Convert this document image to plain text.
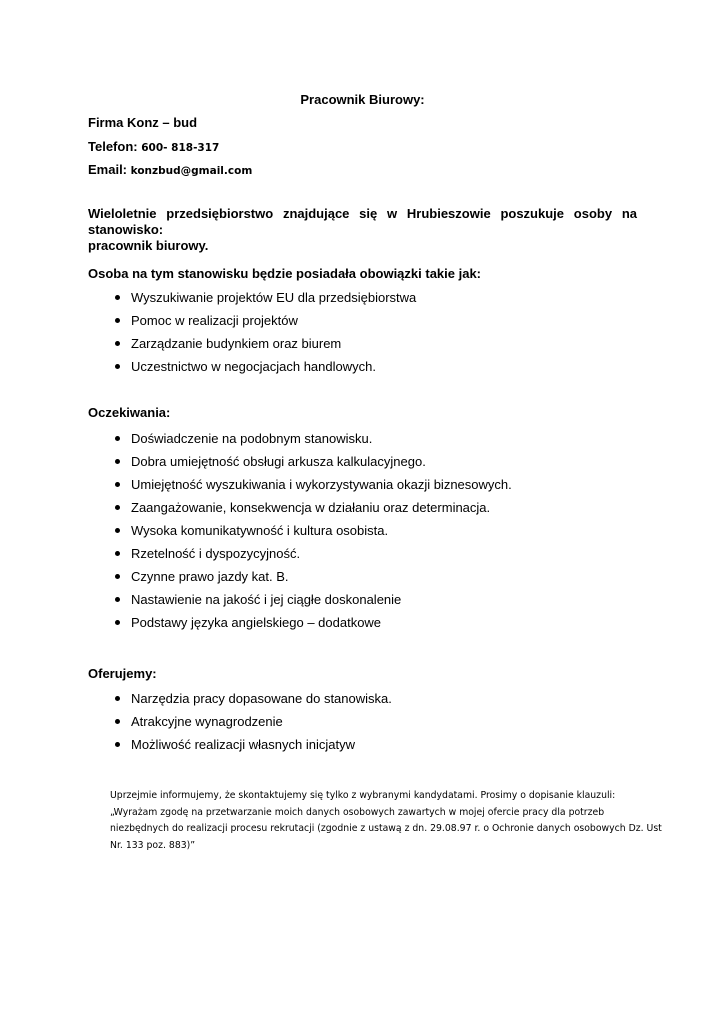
Pracownik Biurowy:
Firma Konz – bud
Telefon: 600- 818-317
Email: konzbud@gmail.com
Wieloletnie przedsiębiorstwo znajdujące się w Hrubieszowie poszukuje osoby na stanowisko:
pracownik biurowy.
Osoba na tym stanowisku będzie posiadała obowiązki takie jak:
Wyszukiwanie projektów EU dla przedsiębiorstwa
Pomoc w realizacji projektów
Zarządzanie budynkiem oraz biurem
Uczestnictwo w negocjacjach handlowych.
Oczekiwania:
Doświadczenie na podobnym stanowisku.
Dobra umiejętność obsługi arkusza kalkulacyjnego.
Umiejętność wyszukiwania i wykorzystywania okazji biznesowych.
Zaangażowanie, konsekwencja w działaniu oraz determinacja.
Wysoka komunikatywność i kultura osobista.
Rzetelność i dyspozycyjność.
Czynne prawo jazdy kat. B.
Nastawienie na jakość i jej ciągłe doskonalenie
Podstawy języka angielskiego – dodatkowe
Oferujemy:
Narzędzia pracy dopasowane do stanowiska.
Atrakcyjne wynagrodzenie
Możliwość realizacji własnych inicjatyw
Uprzejmie informujemy, że skontaktujemy się tylko z wybranymi kandydatami. Prosimy o dopisanie klauzuli:
„Wyrażam zgodę na przetwarzanie moich danych osobowych zawartych w mojej ofercie pracy dla potrzeb
niezbędnych do realizacji procesu rekrutacji (zgodnie z ustawą z dn. 29.08.97 r. o Ochronie danych osobowych Dz. Ust
Nr. 133 poz. 883)”
